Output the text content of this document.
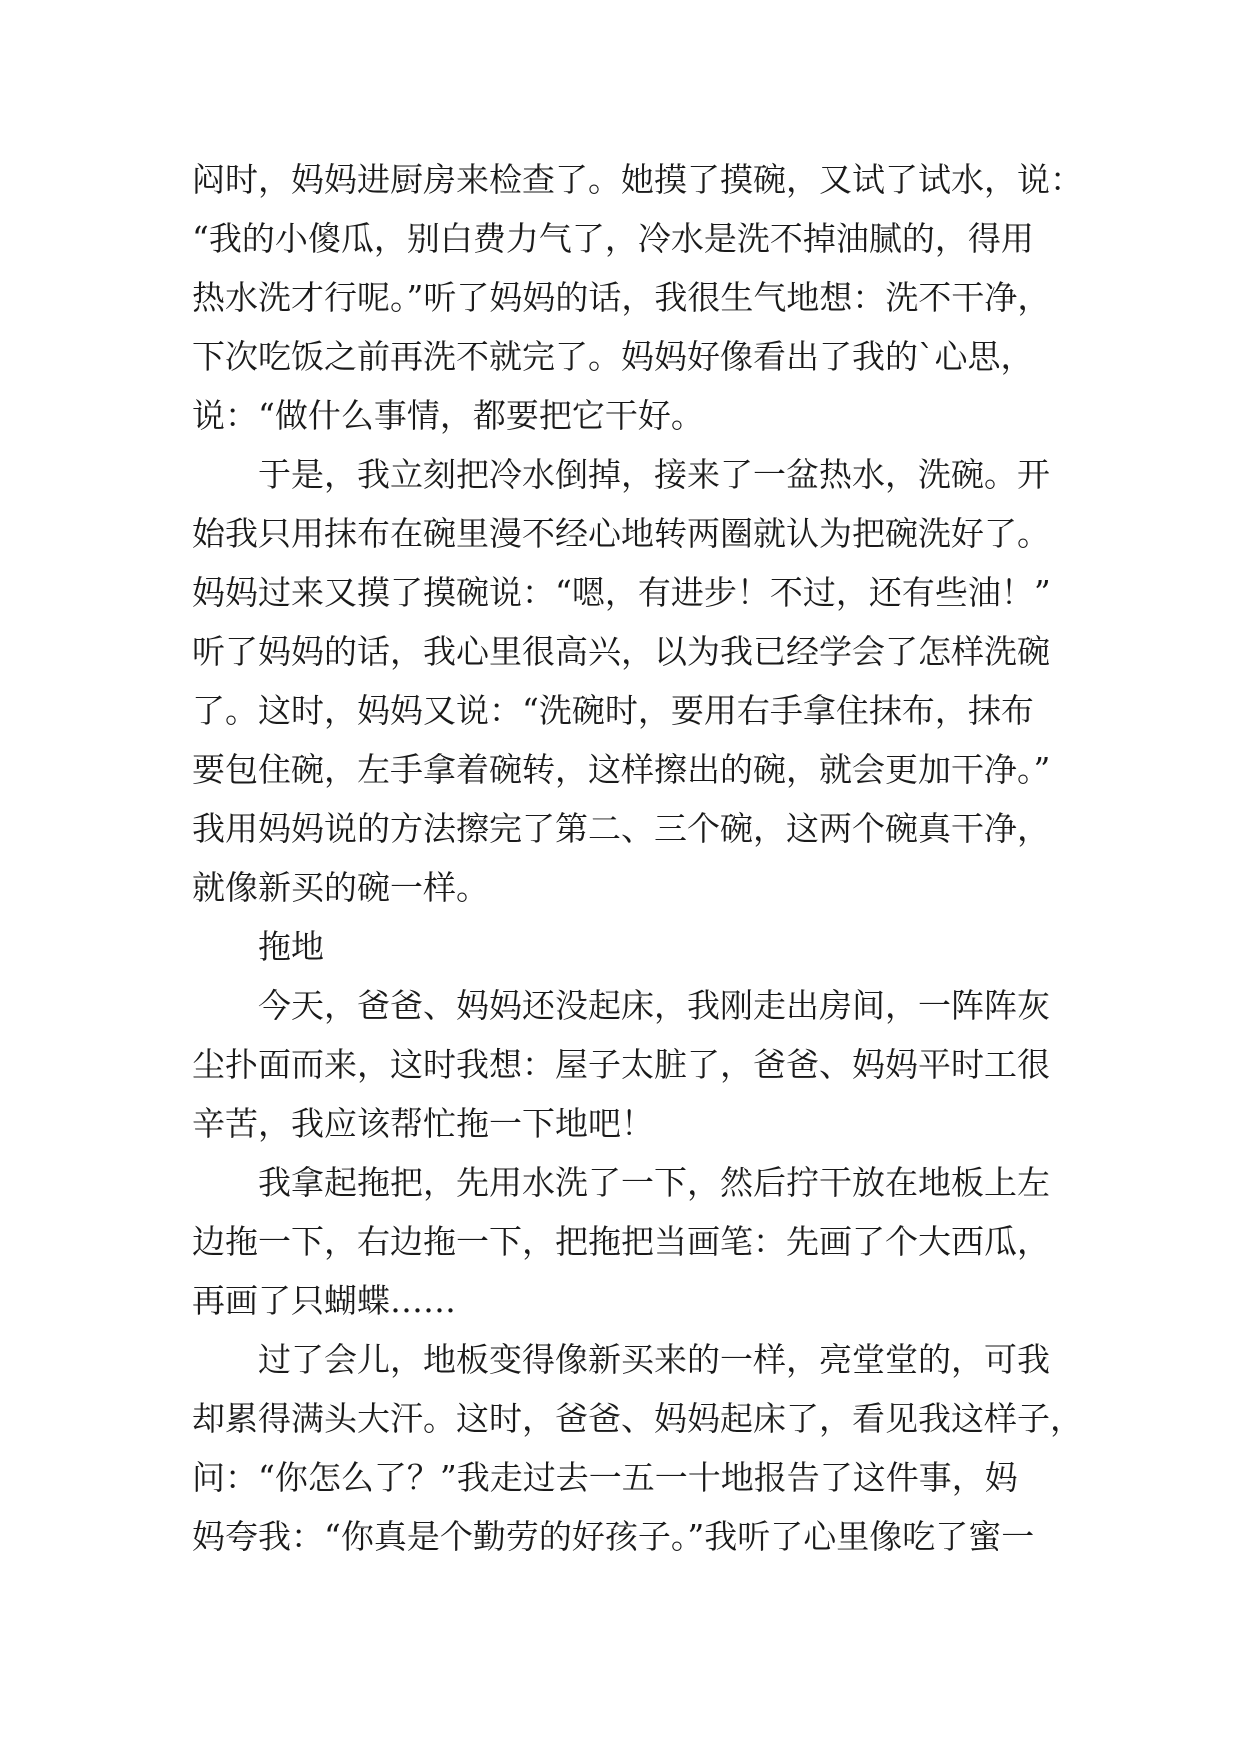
闷时，妈妈进厨房来检查了。她摸了摸碗，又试了试水，说：
“我的小傻瓜，别白费力气了，冷水是洗不掉油腻的，得用
热水洗才行呢。”听了妈妈的话，我很生气地想：洗不干净，
下次吃饭之前再洗不就完了。妈妈好像看出了我的`心思，
说：“做什么事情，都要把它干好。
于是，我立刻把冷水倒掉，接来了一盆热水，洗碗。开
始我只用抹布在碗里漫不经心地转两圈就认为把碗洗好了。
妈妈过来又摸了摸碗说：“嗯，有进步！不过，还有些油！”
听了妈妈的话，我心里很高兴，以为我已经学会了怎样洗碗
了。这时，妈妈又说：“洗碗时，要用右手拿住抹布，抹布
要包住碗，左手拿着碗转，这样擦出的碗，就会更加干净。”
我用妈妈说的方法擦完了第二、三个碗，这两个碗真干净，
就像新买的碗一样。
拖地
今天，爸爸、妈妈还没起床，我刚走出房间，一阵阵灰
尘扑面而来，这时我想：屋子太脏了，爸爸、妈妈平时工很
辛苦，我应该帮忙拖一下地吧！
我拿起拖把，先用水洗了一下，然后拧干放在地板上左
边拖一下，右边拖一下，把拖把当画笔：先画了个大西瓜，
再画了只蝴蝶……
过了会儿，地板变得像新买来的一样，亮堂堂的，可我
却累得满头大汗。这时，爸爸、妈妈起床了，看见我这样子，
问：“你怎么了？”我走过去一五一十地报告了这件事，妈
妈夸我：“你真是个勤劳的好孩子。”我听了心里像吃了蜜一
